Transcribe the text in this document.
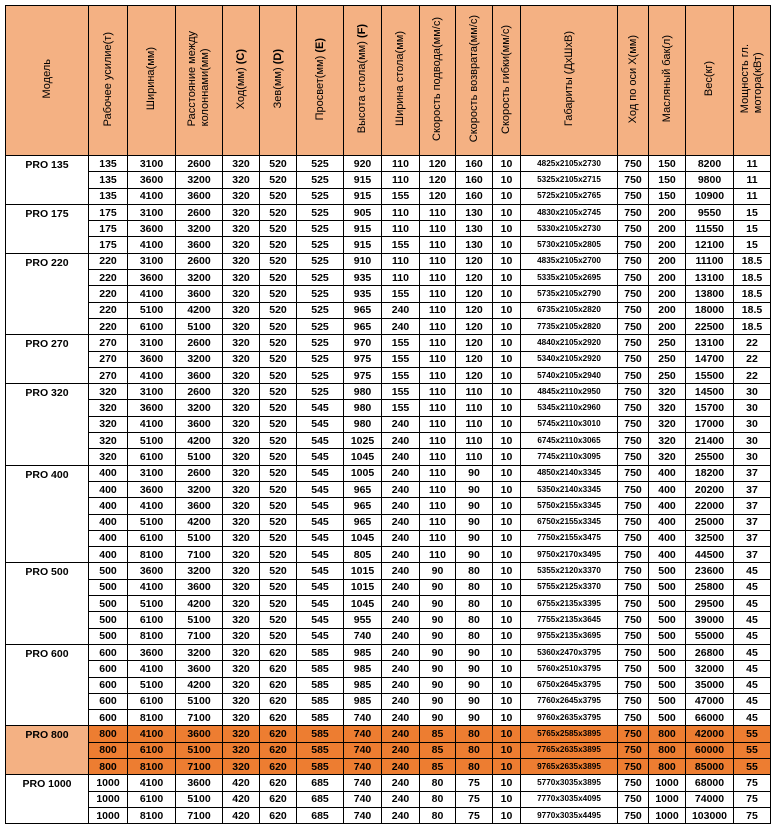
Модель	Рабочее усилие(т)	Ширина(мм)	Расстояние между
колоннами(мм)	Ход(мм) (C)	Зев(мм) (D)	Просвет(мм) (E)	Высота стола(мм) (F)	Ширина стола(мм)	Скорость подвода(мм/с)	Скорость возврата(мм/с)	Скорость гибки(мм/с)	Габариты (ДхШхВ)	Ход по оси X(мм)	Масляный бак(л)	Вес(кг)	Мощность гл.
мотора(кВт)
PRO 135	135	3100	2600	320	520	525	920	110	120	160	10	4825x2105x2730	750	150	8200	11
	135	3600	3200	320	520	525	915	110	120	160	10	5325x2105x2715	750	150	9800	11
	135	4100	3600	320	520	525	915	155	120	160	10	5725x2105x2765	750	150	10900	11
PRO 175	175	3100	2600	320	520	525	905	110	110	130	10	4830x2105x2745	750	200	9550	15
	175	3600	3200	320	520	525	915	110	110	130	10	5330x2105x2730	750	200	11550	15
	175	4100	3600	320	520	525	915	155	110	130	10	5730x2105x2805	750	200	12100	15
PRO 220	220	3100	2600	320	520	525	910	110	110	120	10	4835x2105x2700	750	200	11100	18.5
	220	3600	3200	320	520	525	935	110	110	120	10	5335x2105x2695	750	200	13100	18.5
	220	4100	3600	320	520	525	935	155	110	120	10	5735x2105x2790	750	200	13800	18.5
	220	5100	4200	320	520	525	965	240	110	120	10	6735x2105x2820	750	200	18000	18.5
	220	6100	5100	320	520	525	965	240	110	120	10	7735x2105x2820	750	200	22500	18.5
PRO 270	270	3100	2600	320	520	525	970	155	110	120	10	4840x2105x2920	750	250	13100	22
	270	3600	3200	320	520	525	975	155	110	120	10	5340x2105x2920	750	250	14700	22
	270	4100	3600	320	520	525	975	155	110	120	10	5740x2105x2940	750	250	15500	22
PRO 320	320	3100	2600	320	520	525	980	155	110	110	10	4845x2110x2950	750	320	14500	30
	320	3600	3200	320	520	545	980	155	110	110	10	5345x2110x2960	750	320	15700	30
	320	4100	3600	320	520	545	980	240	110	110	10	5745x2110x3010	750	320	17000	30
	320	5100	4200	320	520	545	1025	240	110	110	10	6745x2110x3065	750	320	21400	30
	320	6100	5100	320	520	545	1045	240	110	110	10	7745x2110x3095	750	320	25500	30
PRO 400	400	3100	2600	320	520	545	1005	240	110	90	10	4850x2140x3345	750	400	18200	37
	400	3600	3200	320	520	545	965	240	110	90	10	5350x2140x3345	750	400	20200	37
	400	4100	3600	320	520	545	965	240	110	90	10	5750x2155x3345	750	400	22000	37
	400	5100	4200	320	520	545	965	240	110	90	10	6750x2155x3345	750	400	25000	37
	400	6100	5100	320	520	545	1045	240	110	90	10	7750x2155x3475	750	400	32500	37
	400	8100	7100	320	520	545	805	240	110	90	10	9750x2170x3495	750	400	44500	37
PRO 500	500	3600	3200	320	520	545	1015	240	90	80	10	5355x2120x3370	750	500	23600	45
	500	4100	3600	320	520	545	1015	240	90	80	10	5755x2125x3370	750	500	25800	45
	500	5100	4200	320	520	545	1045	240	90	80	10	6755x2135x3395	750	500	29500	45
	500	6100	5100	320	520	545	955	240	90	80	10	7755x2135x3645	750	500	39000	45
	500	8100	7100	320	520	545	740	240	90	80	10	9755x2135x3695	750	500	55000	45
PRO 600	600	3600	3200	320	620	585	985	240	90	90	10	5360x2470x3795	750	500	26800	45
	600	4100	3600	320	620	585	985	240	90	90	10	5760x2510x3795	750	500	32000	45
	600	5100	4200	320	620	585	985	240	90	90	10	6750x2645x3795	750	500	35000	45
	600	6100	5100	320	620	585	985	240	90	90	10	7760x2645x3795	750	500	47000	45
	600	8100	7100	320	620	585	740	240	90	90	10	9760x2635x3795	750	500	66000	45
PRO 800	800	4100	3600	320	620	585	740	240	85	80	10	5765x2585x3895	750	800	42000	55
	800	6100	5100	320	620	585	740	240	85	80	10	7765x2635x3895	750	800	60000	55
	800	8100	7100	320	620	585	740	240	85	80	10	9765x2635x3895	750	800	85000	55
PRO 1000	1000	4100	3600	420	620	685	740	240	80	75	10	5770x3035x3895	750	1000	68000	75
	1000	6100	5100	420	620	685	740	240	80	75	10	7770x3035x4095	750	1000	74000	75
	1000	8100	7100	420	620	685	740	240	80	75	10	9770x3035x4495	750	1000	103000	75
